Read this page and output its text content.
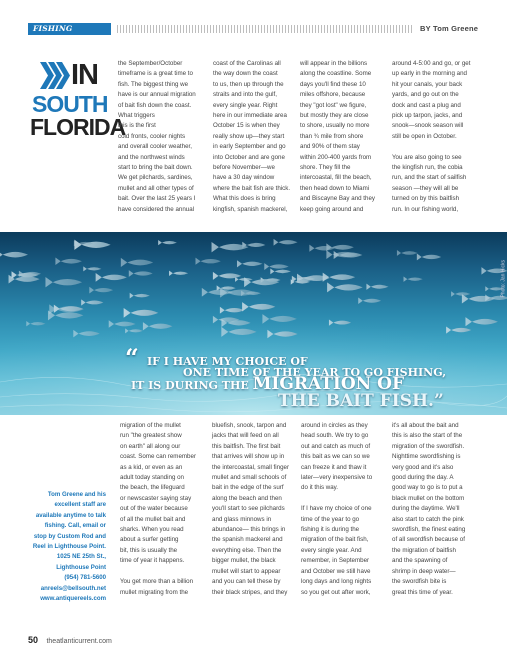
FISHING REPORT
BY Tom Greene
IN
SOUTH
FLORIDA
the September/October
timeframe is a great time to
fish. The biggest thing we
have is our annual migration
of bait fish down the coast.
What triggers
this is the first
cold fronts, cooler nights
and overall cooler weather,
and the northwest winds
start to bring the bait down.
We get pilchards, sardines,
mullet and all other types of
bait. Over the last 25 years I
have considered the annual
coast of the Carolinas all
the way down the coast
to us, then up through the
straits and into the gulf,
every single year. Right
here in our immediate area
October 15 is when they
really show up—they start
in early September and go
into October and are gone
before November—we
have a 30 day window
where the bait fish are thick.
What this does is bring
kingfish, spanish mackerel,
will appear in the billions
along the coastline. Some
days you'll find these 10
miles offshore, because
they "got lost" we figure,
but mostly they are close
to shore, usually no more
than ¾ mile from shore
and 90% of them stay
within 200-400 yards from
shore. They fill the
intercoastal, fill the beach,
then head down to Miami
and Biscayne Bay and they
keep going around and
around 4-5:00 and go, or get
up early in the morning and
hit your canals, your back
yards, and go out on the
dock and cast a plug and
pick up tarpon, jacks, and
snook—snook season will
still be open in October.

You are also going to see
the kingfish run, the cobia
run, and the start of sailfish
season —they will all be
turned on by this baitfish
run. In our fishing world,
Photo: Jan Hicks
“ IF I HAVE MY CHOICE OF
ONE TIME OF THE YEAR TO GO FISHING,
IT IS DURING THE MIGRATION OF
THE BAIT FISH.”
migration of the mullet
run "the greatest show
on earth" all along our
coast. Some can remember
as a kid, or even as an
adult today standing on
the beach, the lifeguard
or newscaster saying stay
out of the water because
of all the mullet bait and
sharks. When you read
about a surfer getting
bit, this is usually the
time of year it happens.

You get more than a billion
mullet migrating from the
bluefish, snook, tarpon and
jacks that will feed on all
this baitfish. The first bait
that arrives will show up in
the intercoastal, small finger
mullet and small schools of
bait in the edge of the surf
along the beach and then
you'll start to see pilchards
and glass minnows in
abundance— this brings in
the spanish mackerel and
everything else. Then the
bigger mullet, the black
mullet will start to appear
and you can tell these by
their black stripes, and they
around in circles as they
head south. We try to go
out and catch as much of
this bait as we can so we
can freeze it and thaw it
later—very inexpensive to
do it this way.

If I have my choice of one
time of the year to go
fishing it is during the
migration of the bait fish,
every single year. And
remember, in September
and October we still have
long days and long nights
so you get out after work,
it's all about the bait and
this is also the start of the
migration of the swordfish.
Nighttime swordfishing is
very good and it's also
good during the day. A
good way to go is to put a
black mullet on the bottom
during the daytime. We'll
also start to catch the pink
swordfish, the finest eating
of all swordfish because of
the migration of baitfish
and the spawning of
shrimp in deep water—
the swordfish bite is
great this time of year.
Tom Greene and his
excellent staff are
available anytime to talk
fishing. Call, email or
stop by Custom Rod and
Reel in Lighthouse Point.
1025 NE 25th St.,
Lighthouse Point
(954) 781-5600
anreels@bellsouth.net
www.antiquereels.com
50 theatlanticurrent.com
